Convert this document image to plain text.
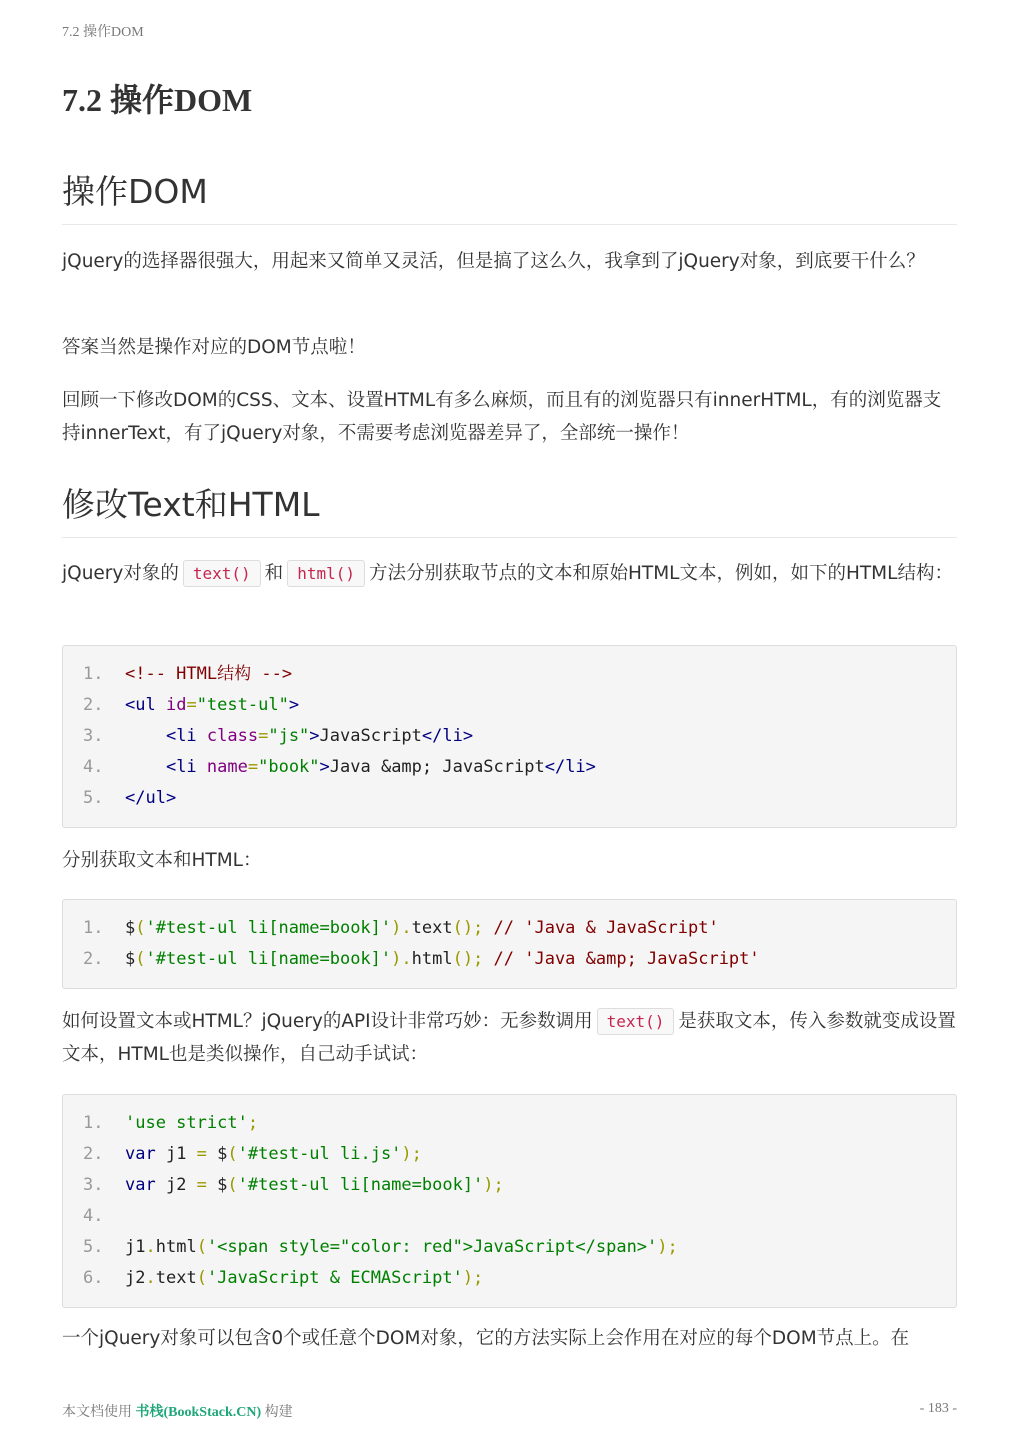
7.2 操作DOM
7.2 操作DOM
操作DOM

jQuery的选择器很强大，用起来又简单又灵活，但是搞了这么久，我拿到了jQuery对象，到底要干什么？

答案当然是操作对应的DOM节点啦！

回顾一下修改DOM的CSS、文本、设置HTML有多么麻烦，而且有的浏览器只有innerHTML，有的浏览器支持innerText，有了jQuery对象，不需要考虑浏览器差异了，全部统一操作！

修改Text和HTML

jQuery对象的 text() 和 html() 方法分别获取节点的文本和原始HTML文本，例如，如下的HTML结构：

1.	<!-- HTML结构 -->
2.	<ul id="test-ul">
3.	<li class="js">JavaScript</li>
4.	<li name="book">Java &amp; JavaScript</li>
5.	</ul>

分别获取文本和HTML：

1.	$('#test-ul li[name=book]').text(); // 'Java & JavaScript'
2.	$('#test-ul li[name=book]').html(); // 'Java &amp; JavaScript'

如何设置文本或HTML？jQuery的API设计非常巧妙：无参数调用 text() 是获取文本，传入参数就变成设置文本，HTML也是类似操作，自己动手试试：

1.	'use strict';
2.	var j1 = $('#test-ul li.js');
3.	var j2 = $('#test-ul li[name=book]');
4.
5.	j1.html('<span style="color: red">JavaScript</span>');
6.	j2.text('JavaScript & ECMAScript');

一个jQuery对象可以包含0个或任意个DOM对象，它的方法实际上会作用在对应的每个DOM节点上。在

本文档使用 书栈(BookStack.CN) 构建	- 183 -
